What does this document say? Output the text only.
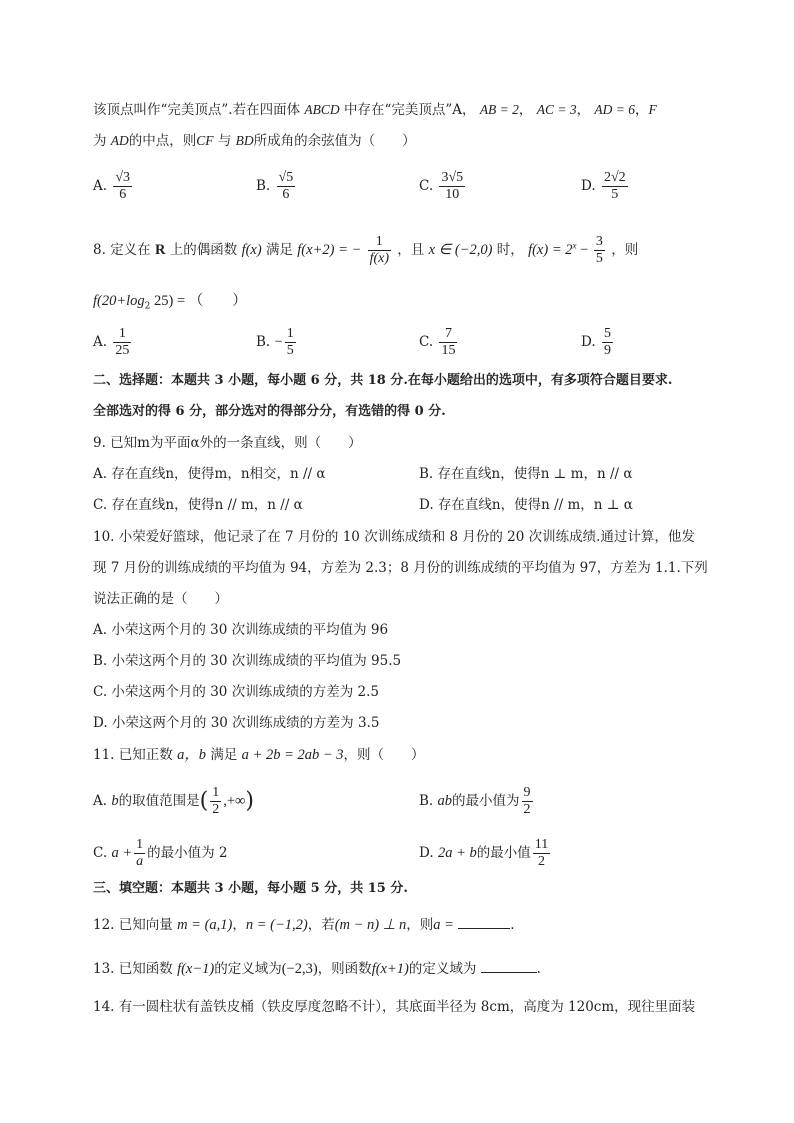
该顶点叫作“完美顶点”.若在四面体 ABCD 中存在“完美顶点”A， AB = 2， AC = 3， AD = 6，F
为 AD的中点，则CF 与 BD所成角的余弦值为（　　）
A. $\frac{√3}{6}$	B. $\frac{√5}{6}$	C. $\frac{3√5}{10}$	D. $\frac{2√2}{5}$
8. 定义在 R 上的偶函数 f(x) 满足 f(x+2) = − $\frac{1}{f(x)}$ ，且 x ∈ (−2,0) 时， $f(x) = 2^x - \frac{3}{5}$ ，则
$f(20+\log_2$ 25) = （　　）
A. $\frac{1}{25}$	B. − $\frac{1}{5}$	C. $\frac{7}{15}$	D. $\frac{5}{9}$
二、选择题：本题共 3 小题，每小题 6 分，共 18 分.在每小题给出的选项中，有多项符合题目要求.
全部选对的得 6 分，部分选对的得部分分，有选错的得 0 分.
9. 已知m为平面α外的一条直线，则（　　）
A. 存在直线n，使得m，n相交，n // α	B. 存在直线n，使得n ⊥ m，n // α
C. 存在直线n，使得n // m，n // α	D. 存在直线n，使得n // m，n ⊥ α
10. 小荣爱好篮球，他记录了在 7 月份的 10 次训练成绩和 8 月份的 20 次训练成绩.通过计算，他发
现 7 月份的训练成绩的平均值为 94，方差为 2.3；8 月份的训练成绩的平均值为 97，方差为 1.1.下列
说法正确的是（　　）
A. 小荣这两个月的 30 次训练成绩的平均值为 96
B. 小荣这两个月的 30 次训练成绩的平均值为 95.5
C. 小荣这两个月的 30 次训练成绩的方差为 2.5
D. 小荣这两个月的 30 次训练成绩的方差为 3.5
11. 已知正数 a，b 满足 a + 2b = 2ab − 3，则（　　）
A. b的取值范围是( $\frac{1}{2}$ ,+∞)	B. ab的最小值为 $\frac{9}{2}$
C. $a + \frac{1}{a}$ 的最小值为 2	D. 2a + b的最小值 $\frac{11}{2}$
三、填空题：本题共 3 小题，每小题 5 分，共 15 分.
12. 已知向量 m = (a,1)，n = (−1,2)，若(m − n) ⊥ n，则a =	.
13. 已知函数 f(x−1)的定义域为(−2,3)，则函数f(x+1)的定义域为	.
14. 有一圆柱状有盖铁皮桶（铁皮厚度忽略不计），其底面半径为 8cm，高度为 120cm，现往里面装
